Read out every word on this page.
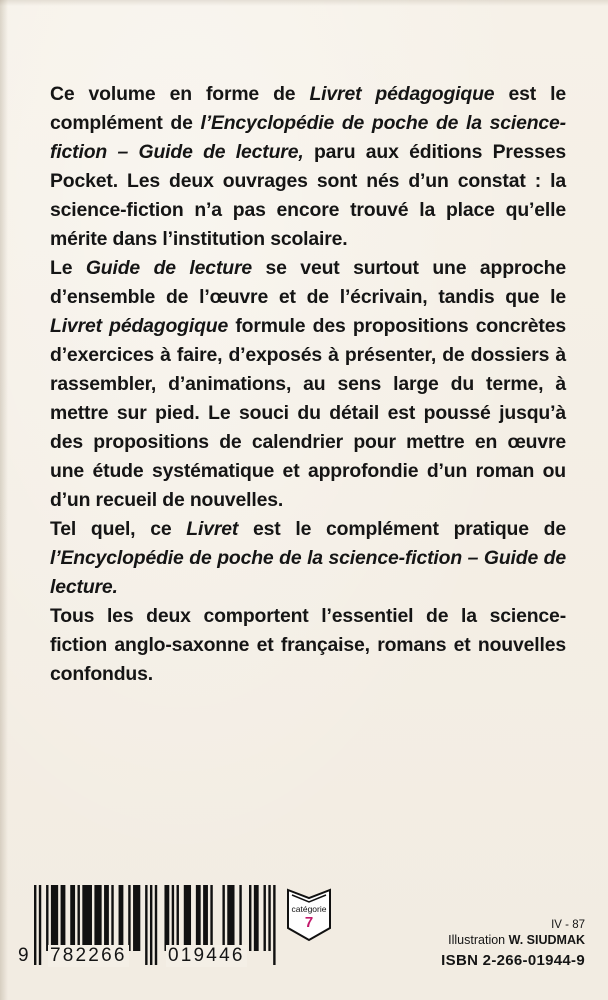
Ce volume en forme de Livret pédagogique est le complément de l’Encyclopédie de poche de la science-fiction – Guide de lecture, paru aux éditions Presses Pocket. Les deux ouvrages sont nés d’un constat : la science-fiction n’a pas encore trouvé la place qu’elle mérite dans l’institution scolaire.

Le Guide de lecture se veut surtout une approche d’ensemble de l’œuvre et de l’écrivain, tandis que le Livret pédagogique formule des propositions concrètes d’exercices à faire, d’exposés à présenter, de dossiers à rassembler, d’animations, au sens large du terme, à mettre sur pied. Le souci du détail est poussé jusqu’à des propositions de calendrier pour mettre en œuvre une étude systématique et approfondie d’un roman ou d’un recueil de nouvelles.

Tel quel, ce Livret est le complément pratique de l’Encyclopédie de poche de la science-fiction – Guide de lecture.

Tous les deux comportent l’essentiel de la science-fiction anglo-saxonne et française, romans et nouvelles confondus.

9 782266 019446
catégorie
7	IV - 87
Illustration W. SIUDMAK
ISBN 2-266-01944-9
